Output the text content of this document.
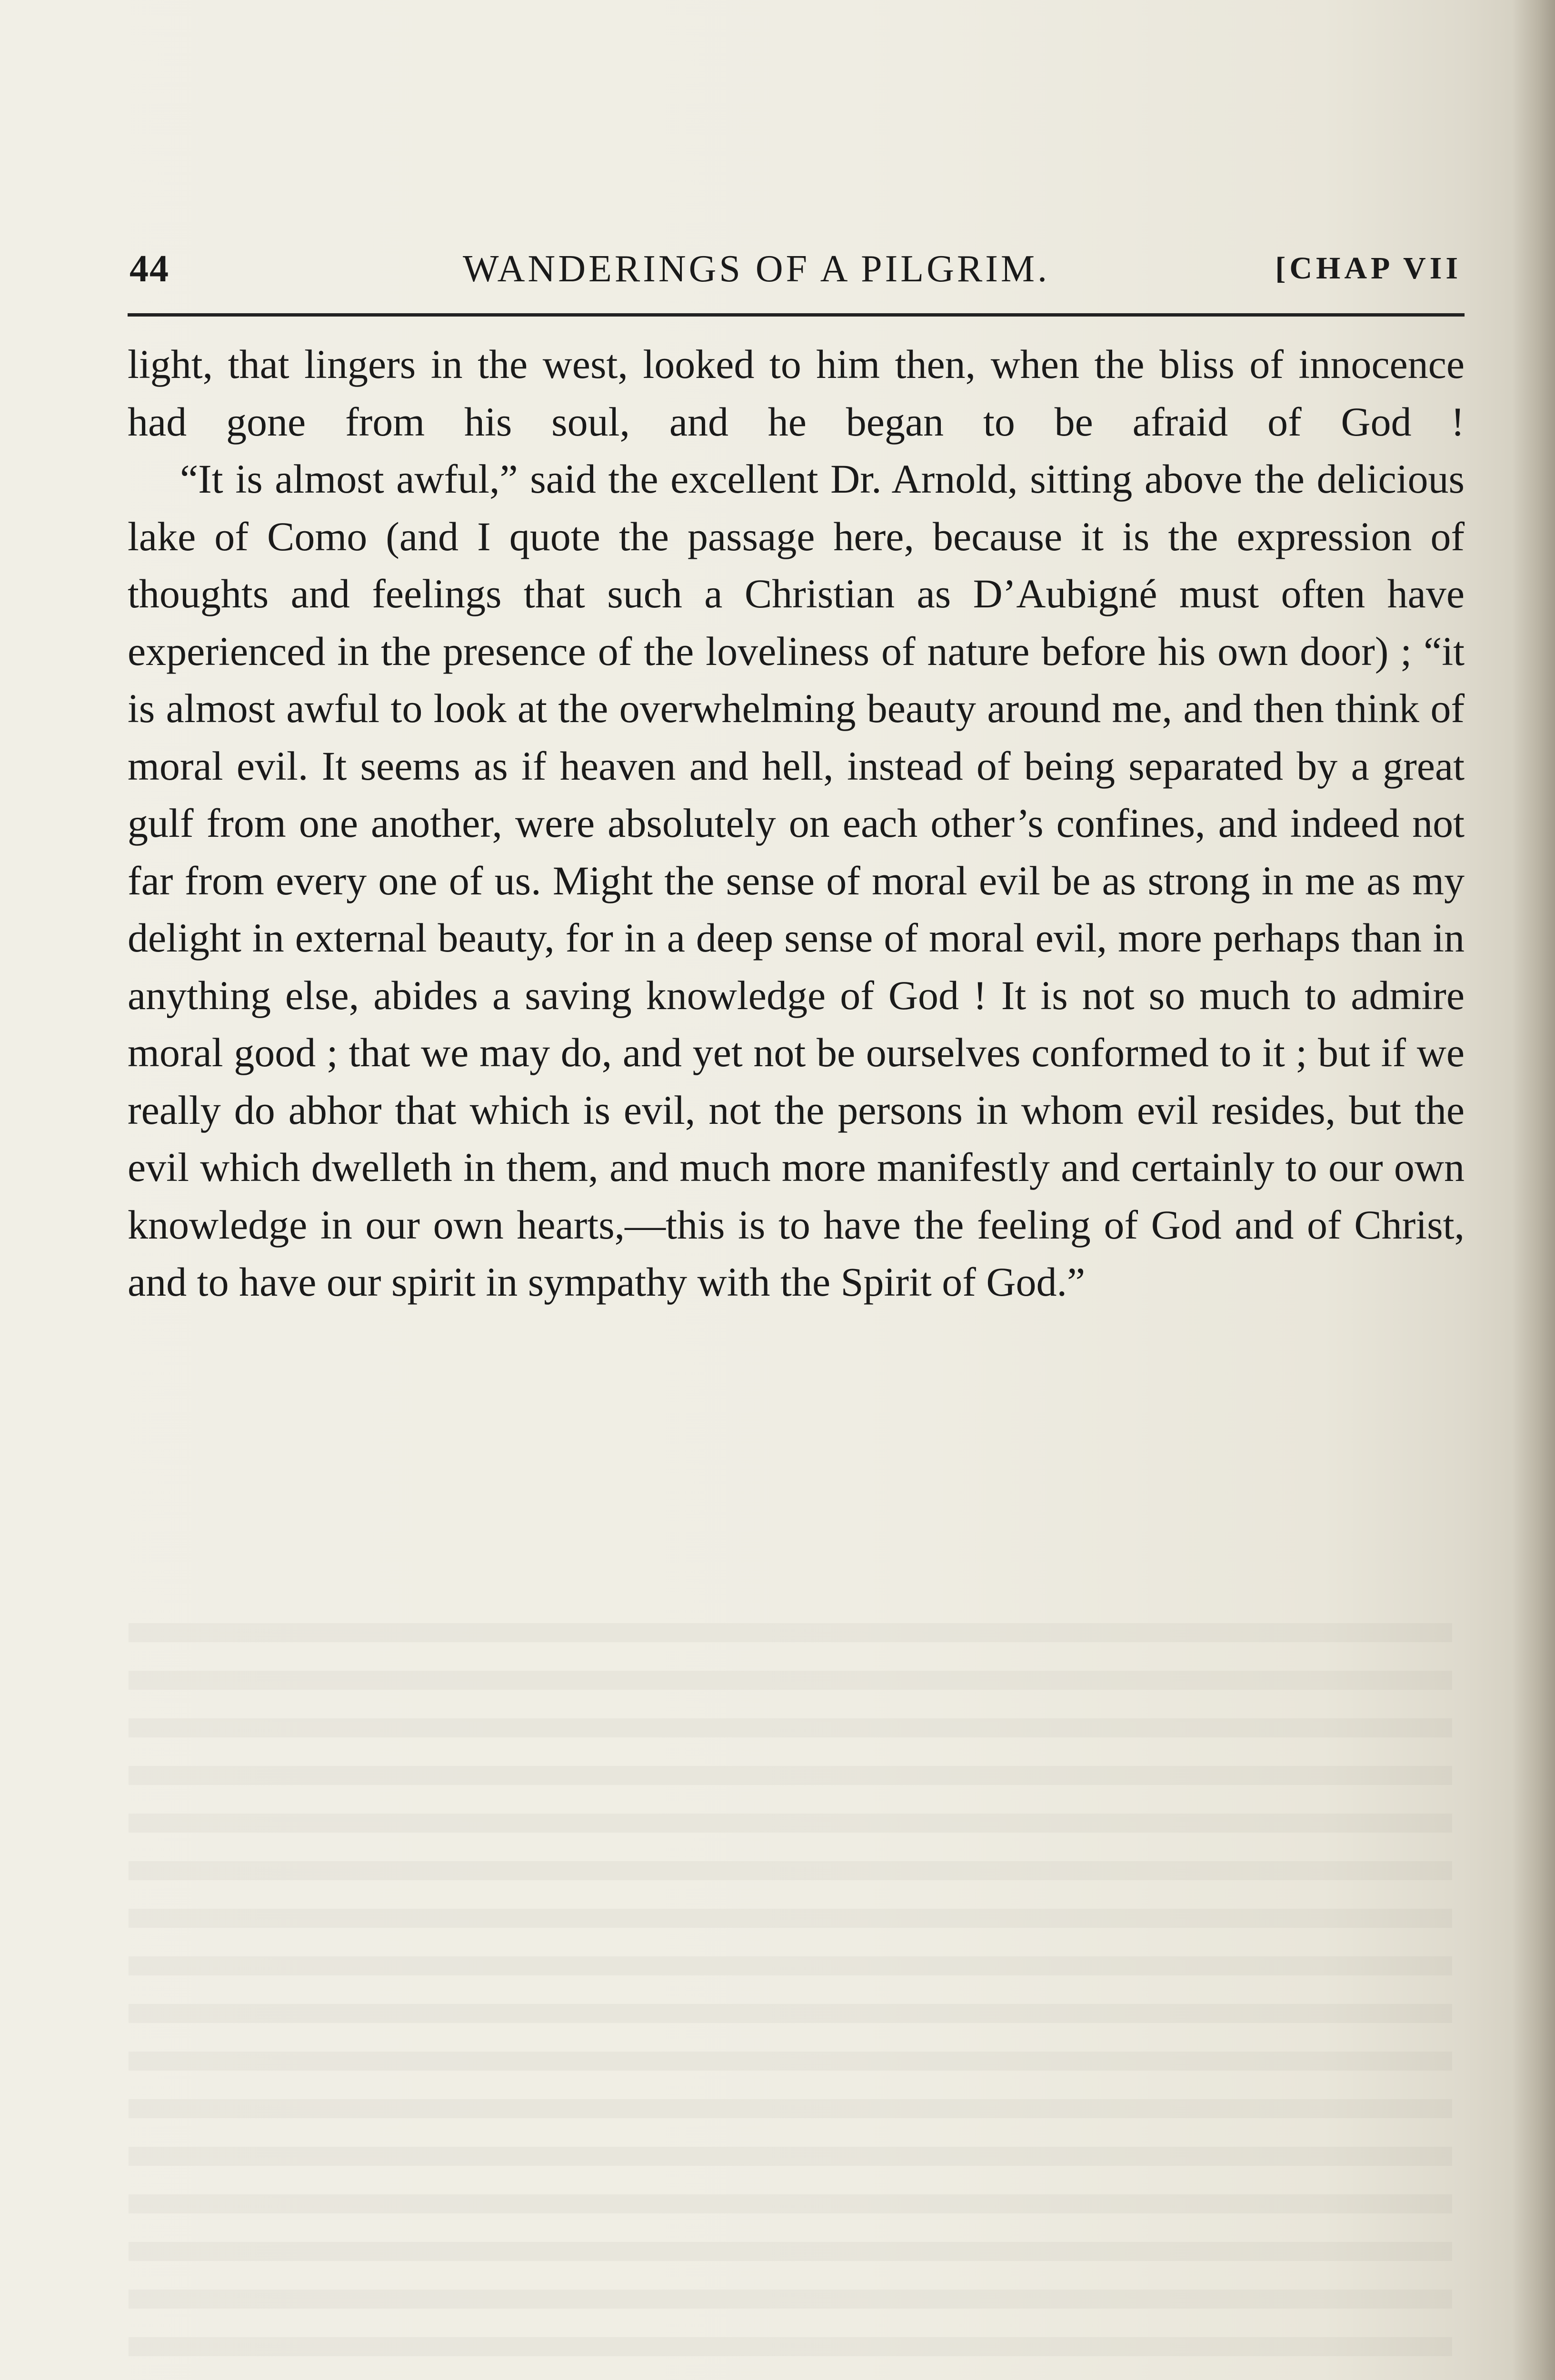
44	WANDERINGS OF A PILGRIM.	[CHAP VII

light, that lingers in the west, looked to him then, when the bliss of innocence had gone from his soul, and he began to be afraid of God !

“It is almost awful,” said the excellent Dr. Arnold, sitting above the delicious lake of Como (and I quote the passage here, because it is the expression of thoughts and feelings that such a Christian as D’Aubigné must often have experienced in the presence of the loveliness of nature before his own door) ; “it is almost awful to look at the overwhelming beauty around me, and then think of moral evil. It seems as if heaven and hell, instead of being separated by a great gulf from one another, were absolutely on each other’s confines, and indeed not far from every one of us. Might the sense of moral evil be as strong in me as my delight in external beauty, for in a deep sense of moral evil, more perhaps than in anything else, abides a saving knowledge of God ! It is not so much to admire moral good ; that we may do, and yet not be ourselves conformed to it ; but if we really do abhor that which is evil, not the persons in whom evil resides, but the evil which dwelleth in them, and much more manifestly and certainly to our own knowledge in our own hearts,—this is to have the feeling of God and of Christ, and to have our spirit in sympathy with the Spirit of God.”
